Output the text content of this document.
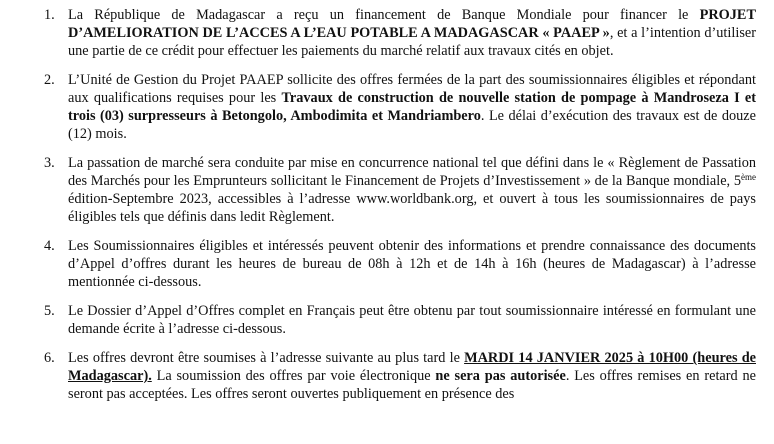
1. La République de Madagascar a reçu un financement de Banque Mondiale pour financer le PROJET D’AMELIORATION DE L’ACCES A L’EAU POTABLE A MADAGASCAR « PAAEP », et a l’intention d’utiliser une partie de ce crédit pour effectuer les paiements du marché relatif aux travaux cités en objet.

2. L’Unité de Gestion du Projet PAAEP sollicite des offres fermées de la part des soumissionnaires éligibles et répondant aux qualifications requises pour les Travaux de construction de nouvelle station de pompage à Mandroseza I et trois (03) surpresseurs à Betongolo, Ambodimita et Mandriambero. Le délai d’exécution des travaux est de douze (12) mois.

3. La passation de marché sera conduite par mise en concurrence national tel que défini dans le « Règlement de Passation des Marchés pour les Emprunteurs sollicitant le Financement de Projets d’Investissement » de la Banque mondiale, 5ème édition-Septembre 2023, accessibles à l’adresse www.worldbank.org, et ouvert à tous les soumissionnaires de pays éligibles tels que définis dans ledit Règlement.

4. Les Soumissionnaires éligibles et intéressés peuvent obtenir des informations et prendre connaissance des documents d’Appel d’offres durant les heures de bureau de 08h à 12h et de 14h à 16h (heures de Madagascar) à l’adresse mentionnée ci-dessous.

5. Le Dossier d’Appel d’Offres complet en Français peut être obtenu par tout soumissionnaire intéressé en formulant une demande écrite à l’adresse ci-dessous.

6. Les offres devront être soumises à l’adresse suivante au plus tard le MARDI 14 JANVIER 2025 à 10H00 (heures de Madagascar). La soumission des offres par voie électronique ne sera pas autorisée. Les offres remises en retard ne seront pas acceptées. Les offres seront ouvertes publiquement en présence des
